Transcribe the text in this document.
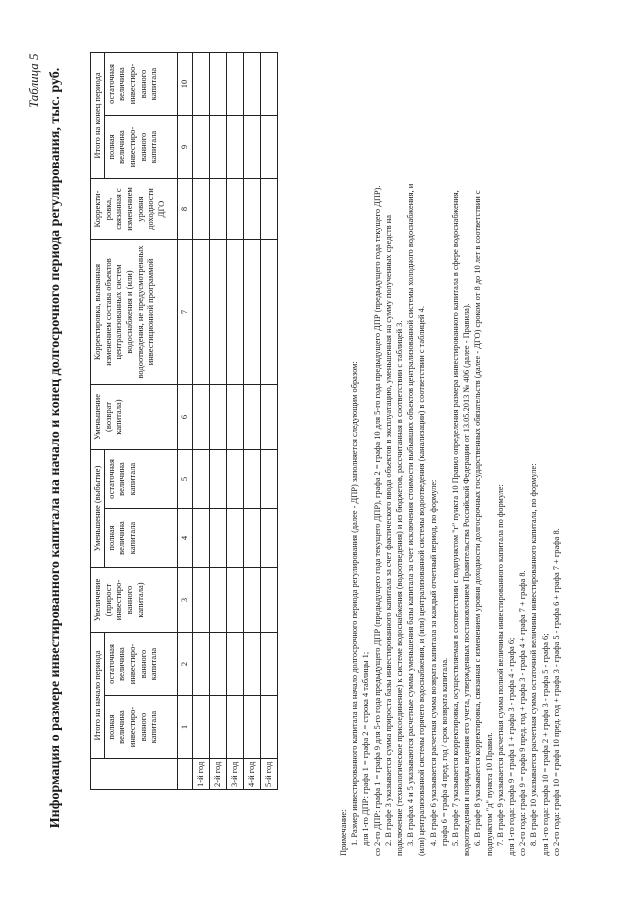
Таблица 5 Информация о размере инвестированного капитала на начало и конец долгосрочного периода регулирования, тыс. руб.
		Итого на начало периода		Увеличение (прирост инвестиро-ванного капитала)	Уменьшение (выбытие)		Уменьшение (возврат капитала)	Корректировка, вызванная изменением состава объектов централизованных систем водоснабжения и (или) водоотведения, не предусмотренных инвестиционной программой	Корректи-ровка, связанная с изменением уровня доходности ДГО	Итого на конец периода	
	полная величина инвестиро-ванного капитала	остаточная величина инвестиро-ванного капитала		полная величина капитала	остаточная величина капитала				полная величина инвестиро-ванного капитала	остаточная величина инвестиро-ванного капитала
	1	2	3	4	5	6	7	8	9	10
1-й год										
2-й год										
3-й год										
4-й год										
5-й год										
Примечание: 1. Размер инвестированного капитала на начало долгосрочного периода регулирования (далее - ДПР) заполняется следующим образом: для 1-го ДПР: графа 1 = графа 2 = строка 4 таблицы 1; со 2-го ДПР: графа 1 = графа 9 для 5-го года предыдущего ДПР (предыдущего года текущего ДПР), графа 2 = графа 10 для 5-го года предыдущего ДПР (предыдущего года текущего ДПР). 2. В графе 3 указывается сумма прироста базы инвестированного капитала за счет фактического ввода объектов в эксплуатацию, уменьшенная на сумму полученных средств на подключение (технологическое присоединение) к системе водоснабжения (водоотведения) и из бюджетов, рассчитанная в соответствии с таблицей 3. 3. В графах 4 и 5 указываются расчетные суммы уменьшения базы капитала за счет исключения стоимости выбывших объектов централизованной системы холодного водоснабжения, и (или) централизованной системы горячего водоснабжения, и (или) централизованной системы водоотведения (канализации) в соответствии с таблицей 4. 4. В графе 6 указывается расчетная сумма возврата капитала за каждый отчетный период, по формуле: графа 6 = графа 4 пред. год / срок возврата капитала. 5. В графе 7 указывается корректировка, осуществляемая в соответствии с подпунктом "г" пункта 10 Правил определения размера инвестированного капитала в сфере водоснабжения, водоотведения и порядка ведения его учета, утвержденных постановлением Правительства Российской Федерации от 13.05.2013 № 406 (далее - Правила). 6. В графе 8 указывается корректировка, связанная с изменением уровня доходности долгосрочных государственных обязательств (далее - ДГО) сроком от 8 до 10 лет в соответствии с подпунктом "д" пункта 10 Правил. 7. В графе 9 указывается расчетная сумма полной величины инвестированного капитала по формуле: для 1-го года: графа 9 = графа 1 + графа 3 - графа 4 - графа 6; со 2-го года: графа 9 = графа 9 пред. год + графа 3 - графа 4 + графа 7 + графа 8. 8. В графе 10 указывается расчетная сумма остаточной величины инвестированного капитала, по формуле: для 1-го года: графа 10 = графа 2 + графа 3 - графа 5 - графа 6; со 2-го года: графа 10 = графа 10 пред. год + графа 3 - графа 5 - графа 6 + графа 7 + графа 8.
